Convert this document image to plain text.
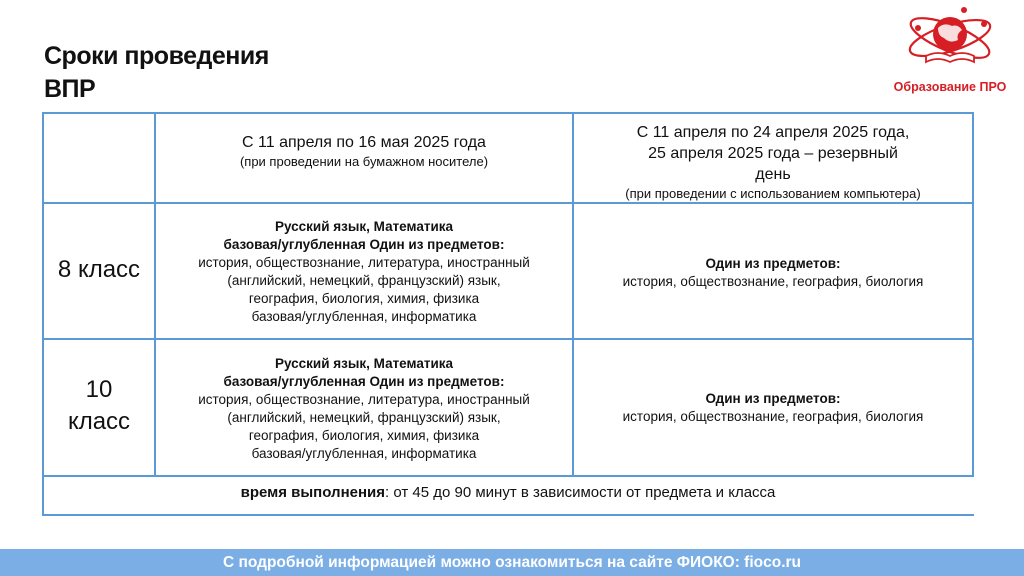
Сроки проведения
ВПР	Образование ПРО
С 11 апреля по 16 мая 2025 года
(при проведении на бумажном носителе)
С 11 апреля по 24 апреля 2025 года,
25 апреля 2025 года – резервный
день
(при проведении с использованием компьютера)
8 класс
Русский язык, Математика
базовая/углубленная Один из предметов:
история, обществознание, литература, иностранный
(английский, немецкий, французский) язык,
география, биология, химия, физика
базовая/углубленная, информатика
Один из предметов:
история, обществознание, география, биология
10
класс
Русский язык, Математика
базовая/углубленная Один из предметов:
история, обществознание, литература, иностранный
(английский, немецкий, французский) язык,
география, биология, химия, физика
базовая/углубленная, информатика
Один из предметов:
история, обществознание, география, биология
время выполнения: от 45 до 90 минут в зависимости от предмета и класса
С подробной информацией можно ознакомиться на сайте ФИОКО: fioco.ru
